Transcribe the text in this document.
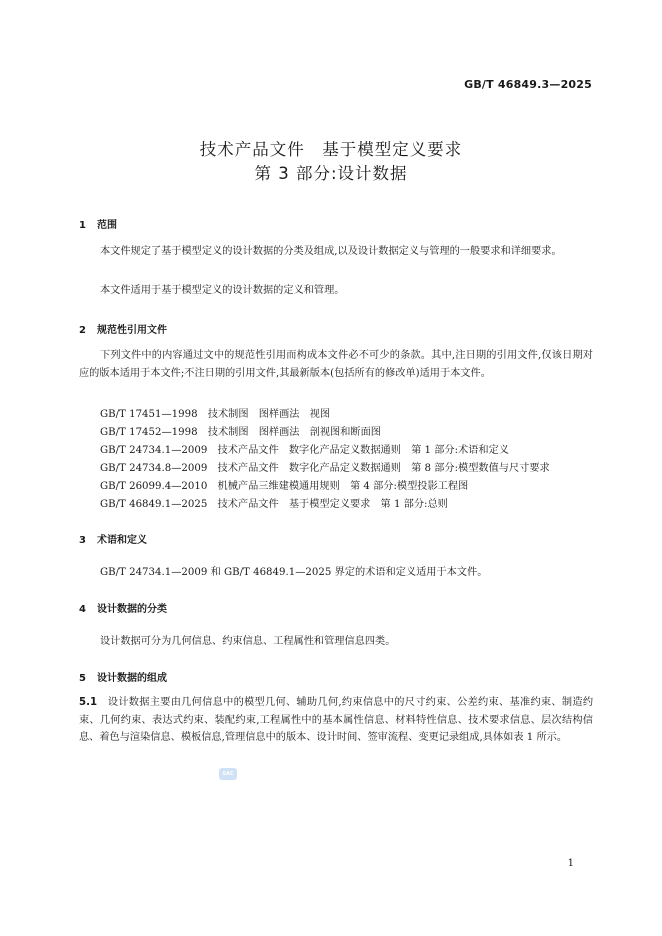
GB/T 46849.3—2025
技术产品文件　基于模型定义要求
第 3 部分:设计数据
1 范围
本文件规定了基于模型定义的设计数据的分类及组成,以及设计数据定义与管理的一般要求和详细要求。
本文件适用于基于模型定义的设计数据的定义和管理。
2 规范性引用文件
下列文件中的内容通过文中的规范性引用而构成本文件必不可少的条款。其中,注日期的引用文件,仅该日期对应的版本适用于本文件;不注日期的引用文件,其最新版本(包括所有的修改单)适用于本文件。
GB/T 17451—1998　技术制图　图样画法　视图
GB/T 17452—1998　技术制图　图样画法　剖视图和断面图
GB/T 24734.1—2009　技术产品文件　数字化产品定义数据通则　第 1 部分:术语和定义
GB/T 24734.8—2009　技术产品文件　数字化产品定义数据通则　第 8 部分:模型数值与尺寸要求
GB/T 26099.4—2010　机械产品三维建模通用规则　第 4 部分:模型投影工程图
GB/T 46849.1—2025　技术产品文件　基于模型定义要求　第 1 部分:总则
3 术语和定义
GB/T 24734.1—2009 和 GB/T 46849.1—2025 界定的术语和定义适用于本文件。
4 设计数据的分类
设计数据可分为几何信息、约束信息、工程属性和管理信息四类。
5 设计数据的组成
5.1　 设计数据主要由几何信息中的模型几何、辅助几何,约束信息中的尺寸约束、公差约束、基准约束、制造约束、几何约束、表达式约束、装配约束,工程属性中的基本属性信息、材料特性信息、技术要求信息、层次结构信息、着色与渲染信息、模板信息,管理信息中的版本、设计时间、签审流程、变更记录组成,具体如表 1 所示。
SAC
1
